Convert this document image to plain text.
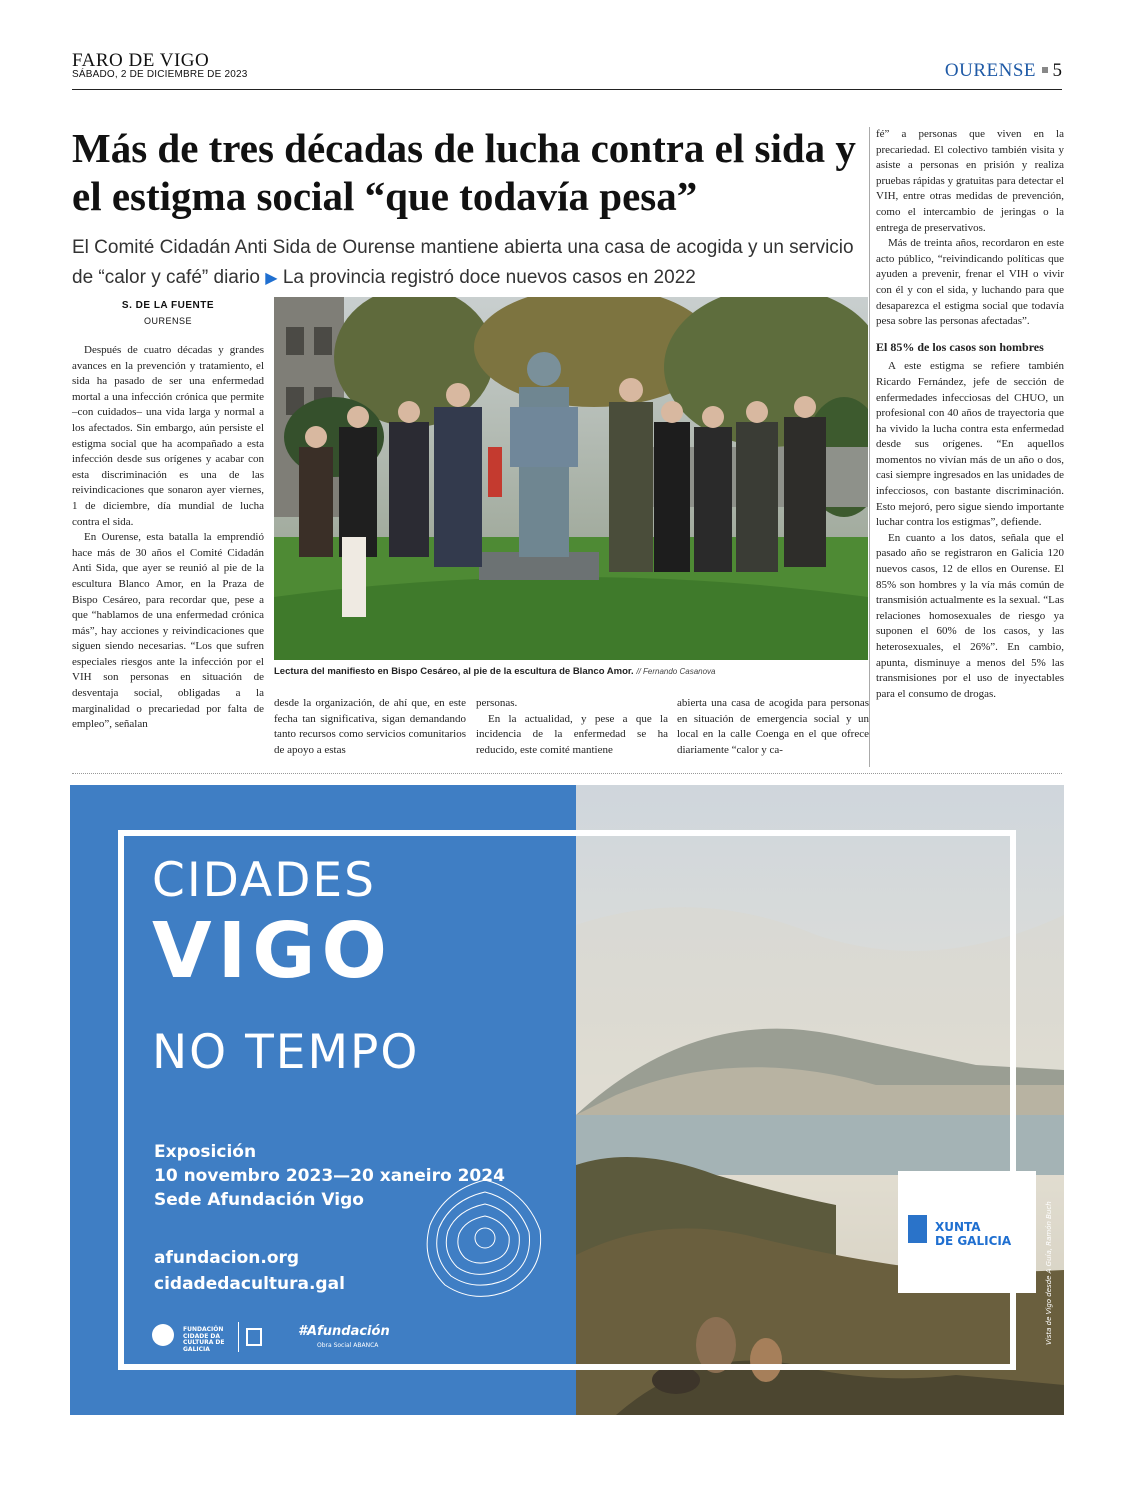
FARO DE VIGO
SÁBADO, 2 DE DICIEMBRE DE 2023	OURENSE 5
Más de tres décadas de lucha contra el sida y el estigma social “que todavía pesa”
El Comité Cidadán Anti Sida de Ourense mantiene abierta una casa de acogida y un servicio de “calor y café” diario ▶ La provincia registró doce nuevos casos en 2022
S. DE LA FUENTE
OURENSE

Después de cuatro décadas y grandes avances en la prevención y tratamiento, el sida ha pasado de ser una enfermedad mortal a una infección crónica que permite –con cuidados– una vida larga y normal a los afectados. Sin embargo, aún persiste el estigma social que ha acompañado a esta infección desde sus orígenes y acabar con esta discriminación es una de las reivindicaciones que sonaron ayer viernes, 1 de diciembre, día mundial de lucha contra el sida.

En Ourense, esta batalla la emprendió hace más de 30 años el Comité Cidadán Anti Sida, que ayer se reunió al pie de la escultura Blanco Amor, en la Praza de Bispo Cesáreo, para recordar que, pese a que “hablamos de una enfermedad crónica más”, hay acciones y reivindicaciones que siguen siendo necesarias. “Los que sufren especiales riesgos ante la infección por el VIH son personas en situación de desventaja social, obligadas a la marginalidad o precariedad por falta de empleo”, señalan

Lectura del manifiesto en Bispo Cesáreo, al pie de la escultura de Blanco Amor. // Fernando Casanova

desde la organización, de ahí que, en este fecha tan significativa, sigan demandando tanto recursos como servicios comunitarios de apoyo a estas

personas.

En la actualidad, y pese a que la incidencia de la enfermedad se ha reducido, este comité mantiene

abierta una casa de acogida para personas en situación de emergencia social y un local en la calle Coenga en el que ofrece diariamente “calor y ca-

fé” a personas que viven en la precariedad. El colectivo también visita y asiste a personas en prisión y realiza pruebas rápidas y gratuitas para detectar el VIH, entre otras medidas de prevención, como el intercambio de jeringas o la entrega de preservativos.

Más de treinta años, recordaron en este acto público, “reivindicando políticas que ayuden a prevenir, frenar el VIH o vivir con él y con el sida, y luchando para que desaparezca el estigma social que todavía pesa sobre las personas afectadas”.

El 85% de los casos son hombres

A este estigma se refiere también Ricardo Fernández, jefe de sección de enfermedades infecciosas del CHUO, un profesional con 40 años de trayectoria que ha vivido la lucha contra esta enfermedad desde sus orígenes. “En aquellos momentos no vivían más de un año o dos, casi siempre ingresados en las unidades de infecciosos, con bastante discriminación. Esto mejoró, pero sigue siendo importante luchar contra los estigmas”, defiende.

En cuanto a los datos, señala que el pasado año se registraron en Galicia 120 nuevos casos, 12 de ellos en Ourense. El 85% son hombres y la vía más común de transmisión actualmente es la sexual. “Las relaciones homosexuales de riesgo ya suponen el 60% de los casos, y las heterosexuales, el 26%”. En cambio, apunta, disminuye a menos del 5% las transmisiones por el uso de inyectables para el consumo de drogas.

CIDADES
VIGO
NO TEMPO
Exposición
10 novembro 2023—20 xaneiro 2024
Sede Afundación Vigo
afundacion.org
cidadedacultura.gal
FUNDACIÓN CIDADE DA CULTURA DE GALICIA
#Afundación
Obra Social ABANCA
XUNTA
DE GALICIA	Vista de Vigo desde A Guía, Ramón Buch
